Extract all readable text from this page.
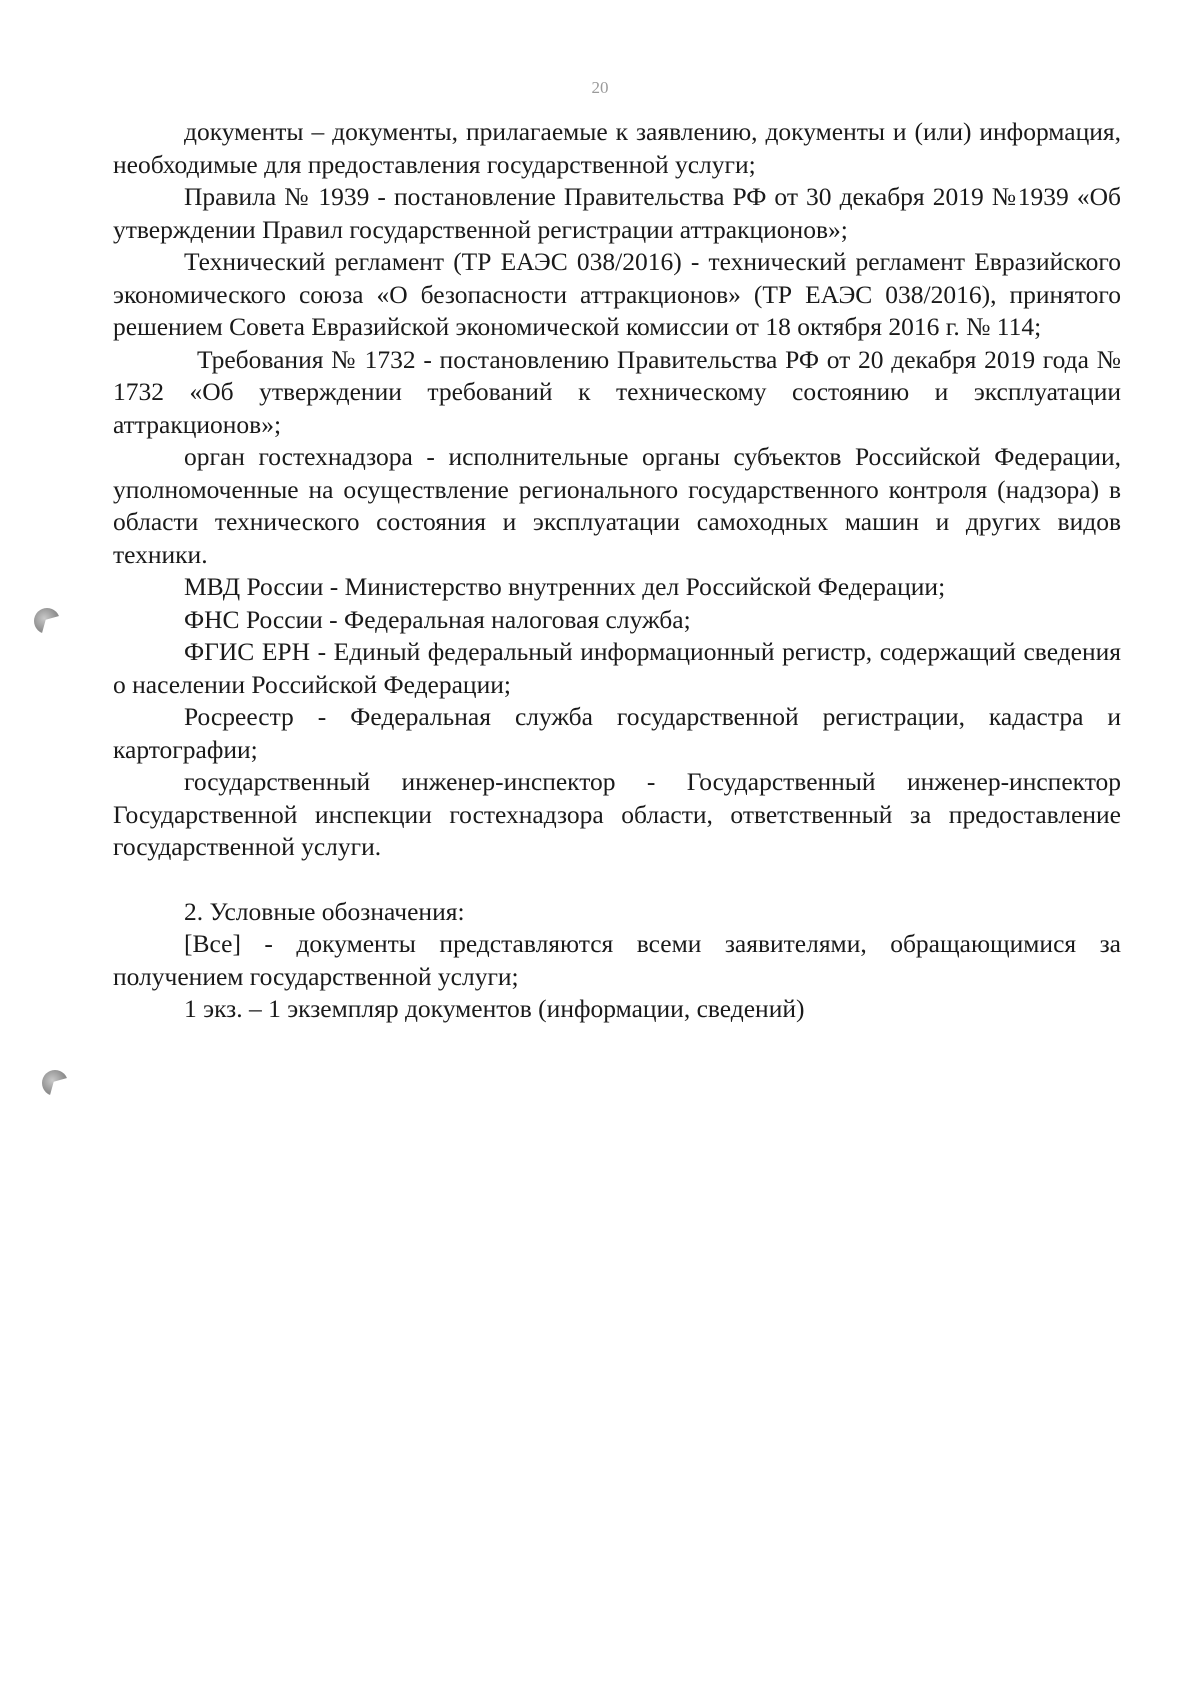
20

документы – документы, прилагаемые к заявлению, документы и (или) информация, необходимые для предоставления государственной услуги;

Правила № 1939 - постановление Правительства РФ от 30 декабря 2019 №1939 «Об утверждении Правил государственной регистрации аттракционов»;

Технический регламент (ТР ЕАЭС 038/2016) - технический регламент Евразийского экономического союза «О безопасности аттракционов» (ТР ЕАЭС 038/2016), принятого решением Совета Евразийской экономической комиссии от 18 октября 2016 г. № 114;

Требования № 1732 - постановлению Правительства РФ от 20 декабря 2019 года № 1732 «Об утверждении требований к техническому состоянию и эксплуатации аттракционов»;

орган гостехнадзора - исполнительные органы субъектов Российской Федерации, уполномоченные на осуществление регионального государственного контроля (надзора) в области технического состояния и эксплуатации самоходных машин и других видов техники.

МВД России - Министерство внутренних дел Российской Федерации;

ФНС России - Федеральная налоговая служба;

ФГИС ЕРН - Единый федеральный информационный регистр, содержащий сведения о населении Российской Федерации;

Росреестр - Федеральная служба государственной регистрации, кадастра и картографии;

государственный инженер-инспектор - Государственный инженер-инспектор Государственной инспекции гостехнадзора области, ответственный за предоставление государственной услуги.

2. Условные обозначения:

[Все] - документы представляются всеми заявителями, обращающимися за получением государственной услуги;

1 экз. – 1 экземпляр документов (информации, сведений)
